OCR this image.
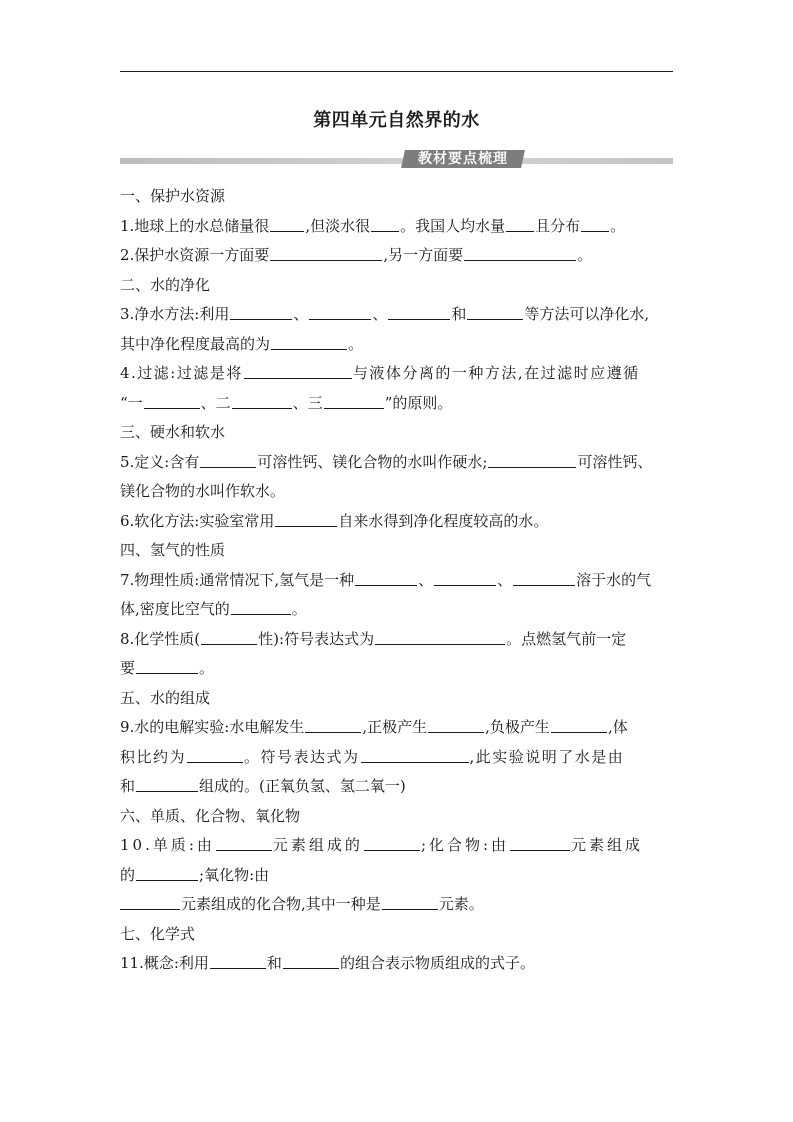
第四单元自然界的水
教材要点梳理
一、保护水资源
1.地球上的水总储量很 ,但淡水很 。我国人均水量 且分布 。
2.保护水资源一方面要	,另一方面要	。
二、水的净化
3.净水方法:利用	、	、	和	等方法可以净化水,
其中净化程度最高的为	。
4.过滤:过滤是将	与液体分离的一种方法,在过滤时应遵循
“一	、二	、三	”的原则。
三、硬水和软水
5.定义:含有	可溶性钙、镁化合物的水叫作硬水;	可溶性钙、
镁化合物的水叫作软水。
6.软化方法:实验室常用	自来水得到净化程度较高的水。
四、氢气的性质
7.物理性质:通常情况下,氢气是一种	、	、	溶于水的气
体,密度比空气的	。
8.化学性质(	性):符号表达式为	。点燃氢气前一定
要	。
五、水的组成
9.水的电解实验:水电解发生	,正极产生	,负极产生	,体
积比约为	。符号表达式为	,此实验说明了水是由
和	组成的。(正氧负氢、氢二氧一)
六、单质、化合物、氧化物
10.单质:由	元素组成的	;化合物:由	元素组成
的	;氧化物:由
元素组成的化合物,其中一种是	元素。
七、化学式
11.概念:利用	和	的组合表示物质组成的式子。
